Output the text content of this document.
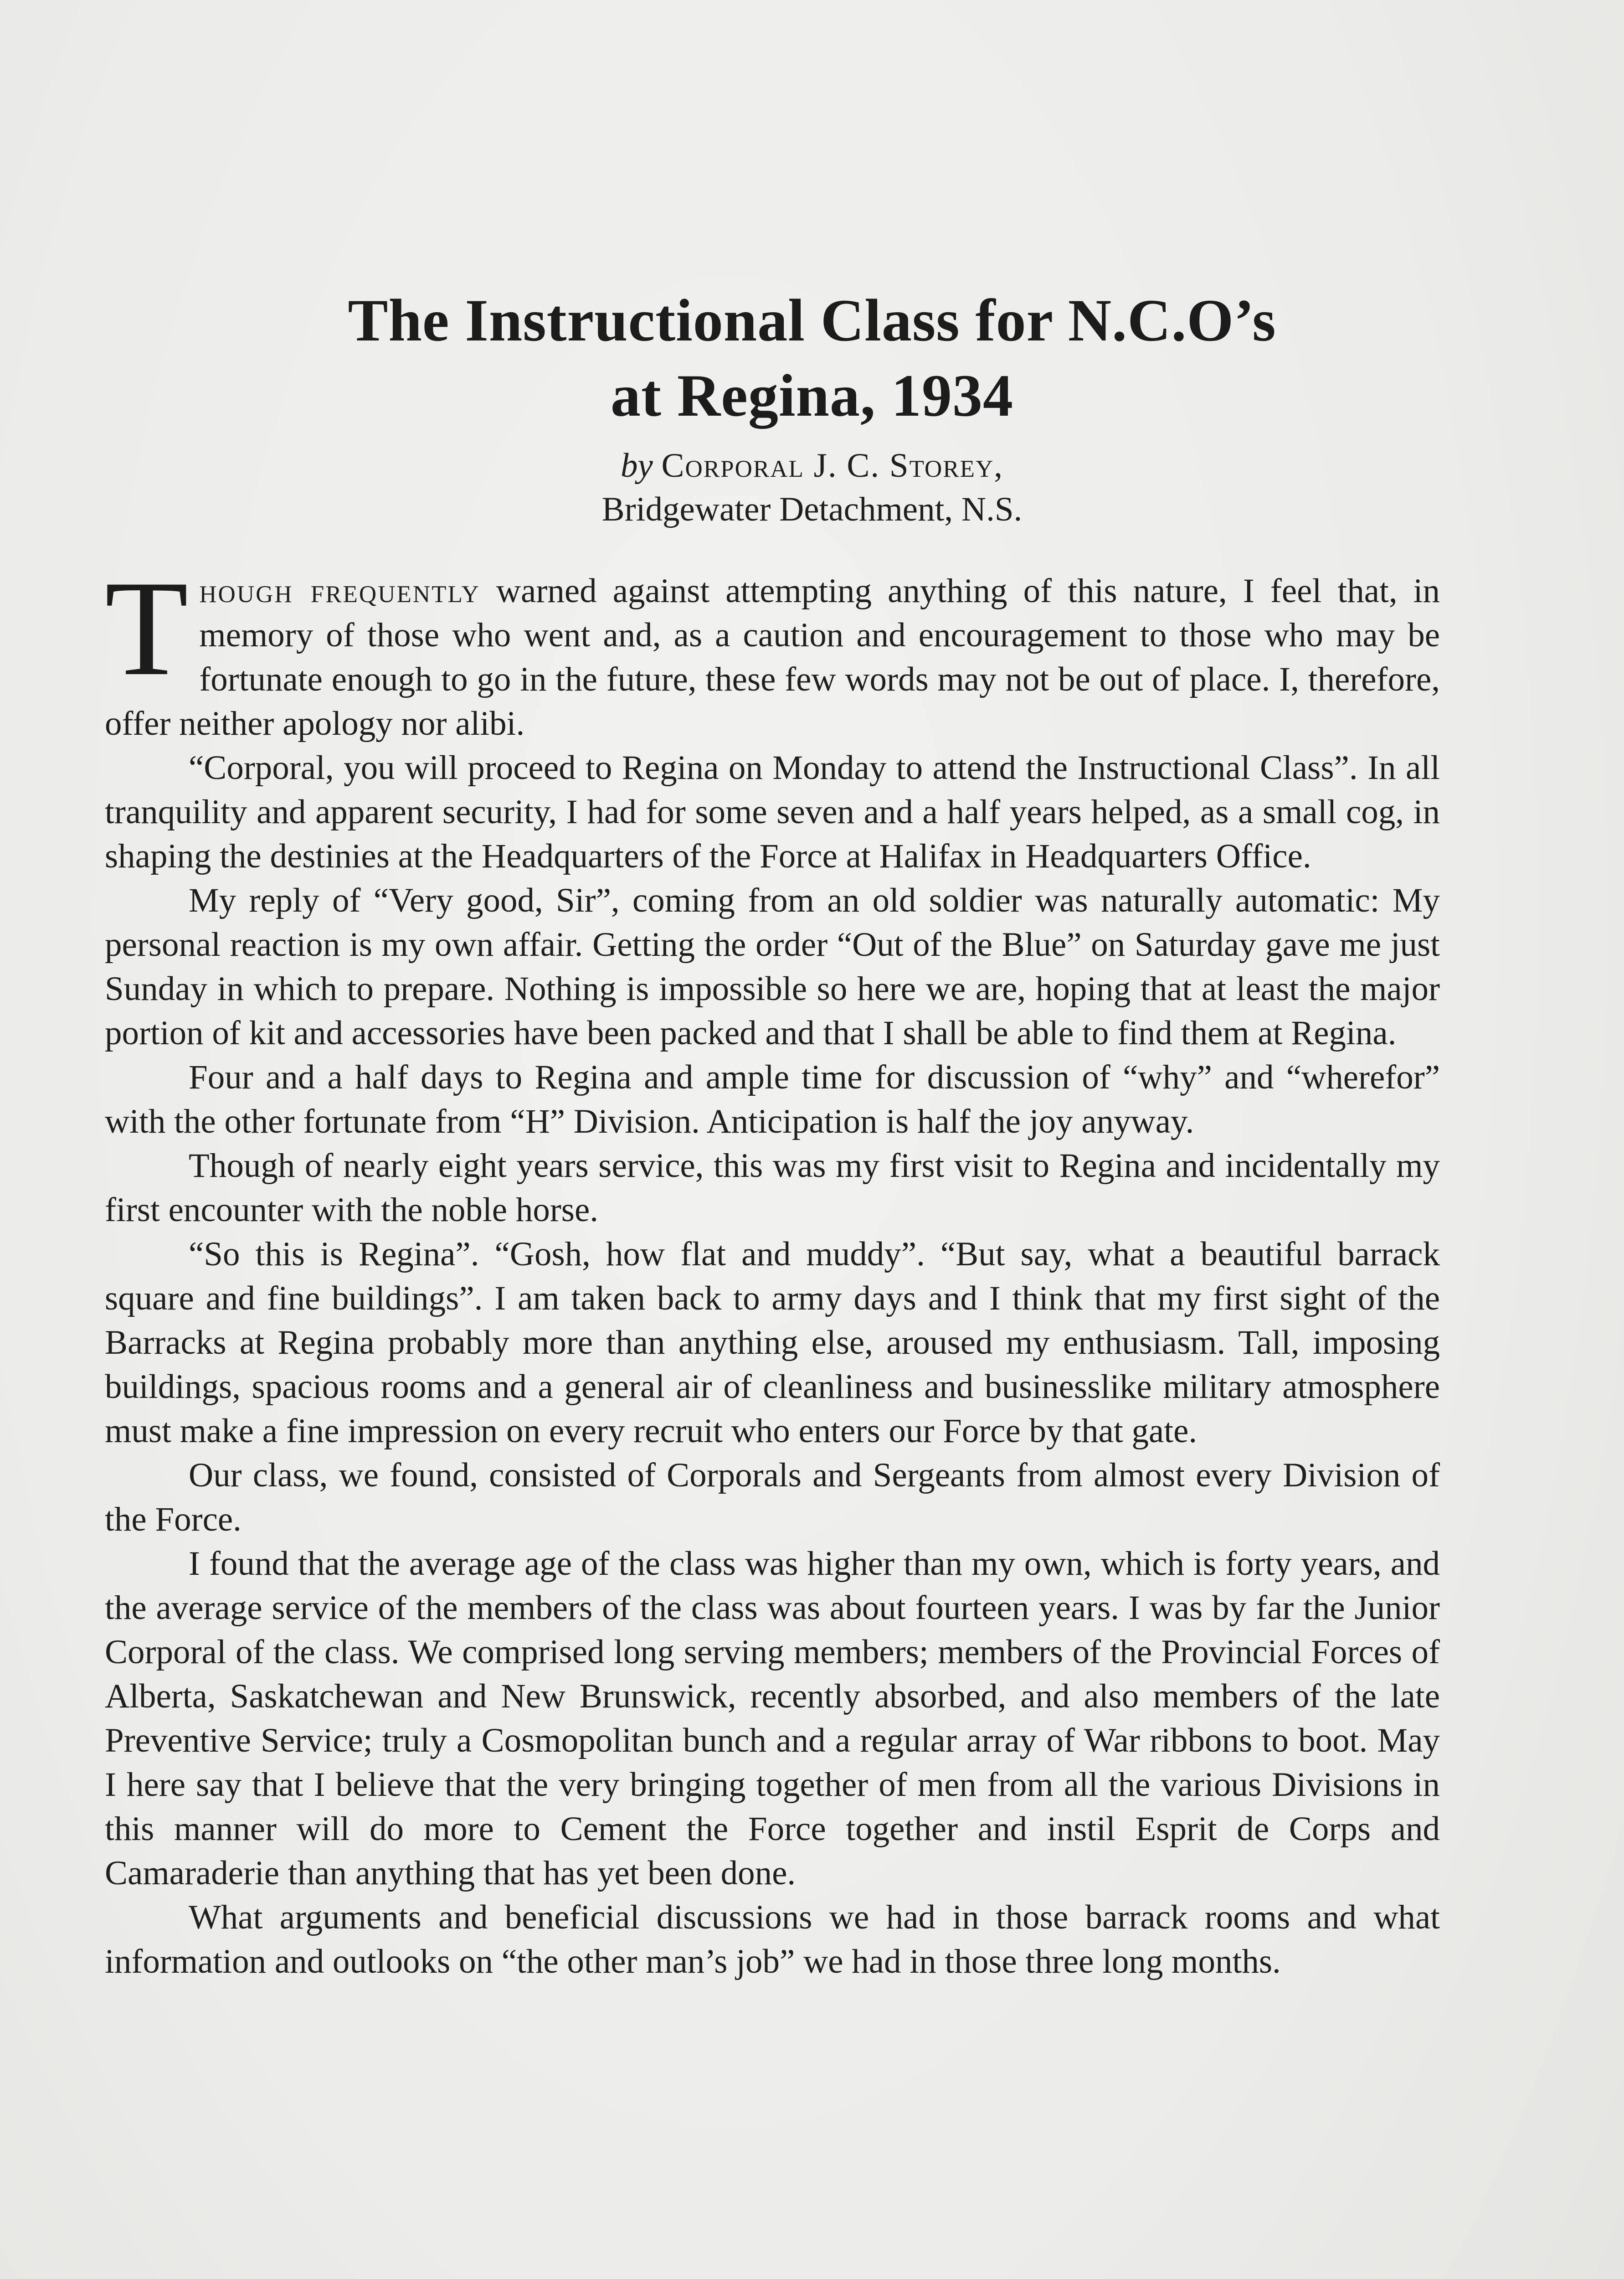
The Instructional Class for N.C.O’s
at Regina, 1934
by Corporal J. C. Storey,
Bridgewater Detachment, N.S.

T hough frequently warned against attempting anything of this nature, I feel that, in memory of those who went and, as a caution and encouragement to those who may be fortunate enough to go in the future, these few words may not be out of place. I, therefore, offer neither apology nor alibi.

“Corporal, you will proceed to Regina on Monday to attend the Instructional Class”. In all tranquility and apparent security, I had for some seven and a half years helped, as a small cog, in shaping the destinies at the Headquarters of the Force at Halifax in Headquarters Office.

My reply of “Very good, Sir”, coming from an old soldier was naturally automatic: My personal reaction is my own affair. Getting the order “Out of the Blue” on Saturday gave me just Sunday in which to prepare. Nothing is impossible so here we are, hoping that at least the major portion of kit and accessories have been packed and that I shall be able to find them at Regina.

Four and a half days to Regina and ample time for discussion of “why” and “wherefor” with the other fortunate from “H” Division. Anticipation is half the joy anyway.

Though of nearly eight years service, this was my first visit to Regina and incidentally my first encounter with the noble horse.

“So this is Regina”. “Gosh, how flat and muddy”. “But say, what a beautiful barrack square and fine buildings”. I am taken back to army days and I think that my first sight of the Barracks at Regina probably more than anything else, aroused my enthusiasm. Tall, imposing buildings, spacious rooms and a general air of cleanliness and businesslike military atmosphere must make a fine impression on every recruit who enters our Force by that gate.

Our class, we found, consisted of Corporals and Sergeants from almost every Division of the Force.

I found that the average age of the class was higher than my own, which is forty years, and the average service of the members of the class was about fourteen years. I was by far the Junior Corporal of the class. We comprised long serving members; members of the Provincial Forces of Alberta, Saskatchewan and New Brunswick, recently absorbed, and also members of the late Preventive Service; truly a Cosmopolitan bunch and a regular array of War ribbons to boot. May I here say that I believe that the very bringing together of men from all the various Divisions in this manner will do more to Cement the Force together and instil Esprit de Corps and Camaraderie than anything that has yet been done.

What arguments and beneficial discussions we had in those barrack rooms and what information and outlooks on “the other man’s job” we had in those three long months.
